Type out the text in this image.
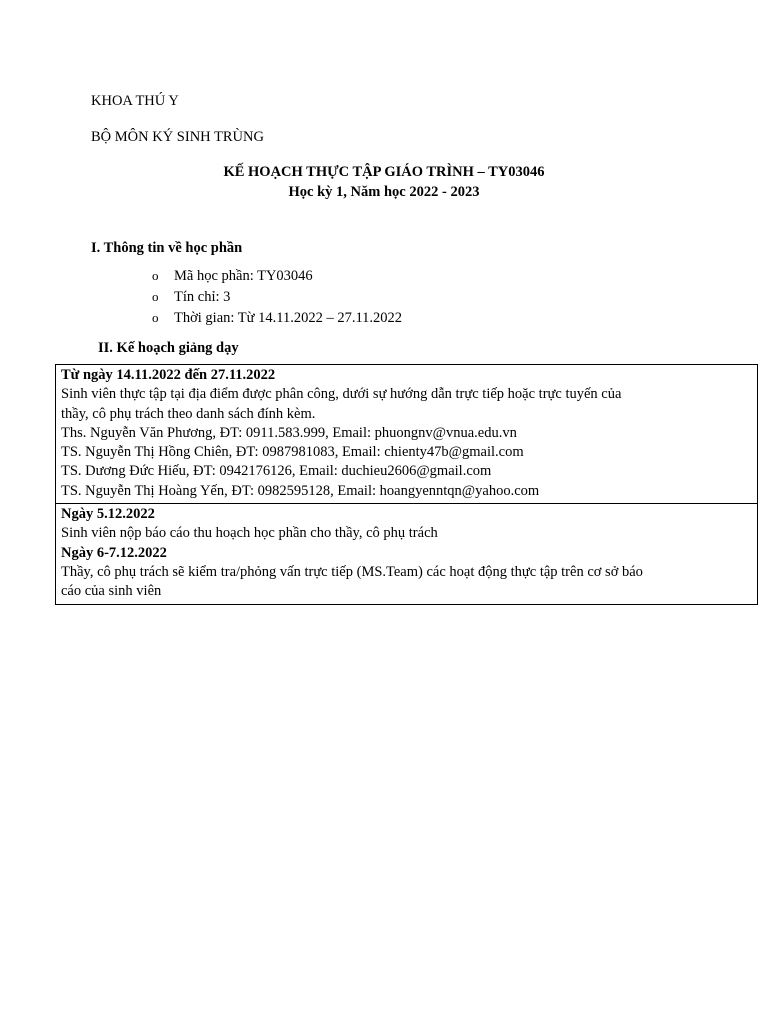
KHOA THÚ Y
BỘ MÔN KÝ SINH TRÙNG
KẾ HOẠCH THỰC TẬP GIÁO TRÌNH – TY03046
Học kỳ 1, Năm học 2022 - 2023
I. Thông tin về học phần
o	Mã học phần: TY03046
o	Tín chỉ: 3
o	Thời gian: Từ 14.11.2022 – 27.11.2022
II. Kế hoạch giảng dạy
Từ ngày 14.11.2022 đến 27.11.2022
Sinh viên thực tập tại địa điểm được phân công, dưới sự hướng dẫn trực tiếp hoặc trực tuyến của
thầy, cô phụ trách theo danh sách đính kèm.
Ths. Nguyễn Văn Phương, ĐT: 0911.583.999, Email: phuongnv@vnua.edu.vn
TS. Nguyễn Thị Hồng Chiên, ĐT: 0987981083, Email: chienty47b@gmail.com
TS. Dương Đức Hiếu, ĐT: 0942176126, Email: duchieu2606@gmail.com
TS. Nguyễn Thị Hoàng Yến, ĐT: 0982595128, Email: hoangyenntqn@yahoo.com
Ngày 5.12.2022
Sinh viên nộp báo cáo thu hoạch học phần cho thầy, cô phụ trách
Ngày 6-7.12.2022
Thầy, cô phụ trách sẽ kiểm tra/phỏng vấn trực tiếp (MS.Team) các hoạt động thực tập trên cơ sở báo
cáo của sinh viên
